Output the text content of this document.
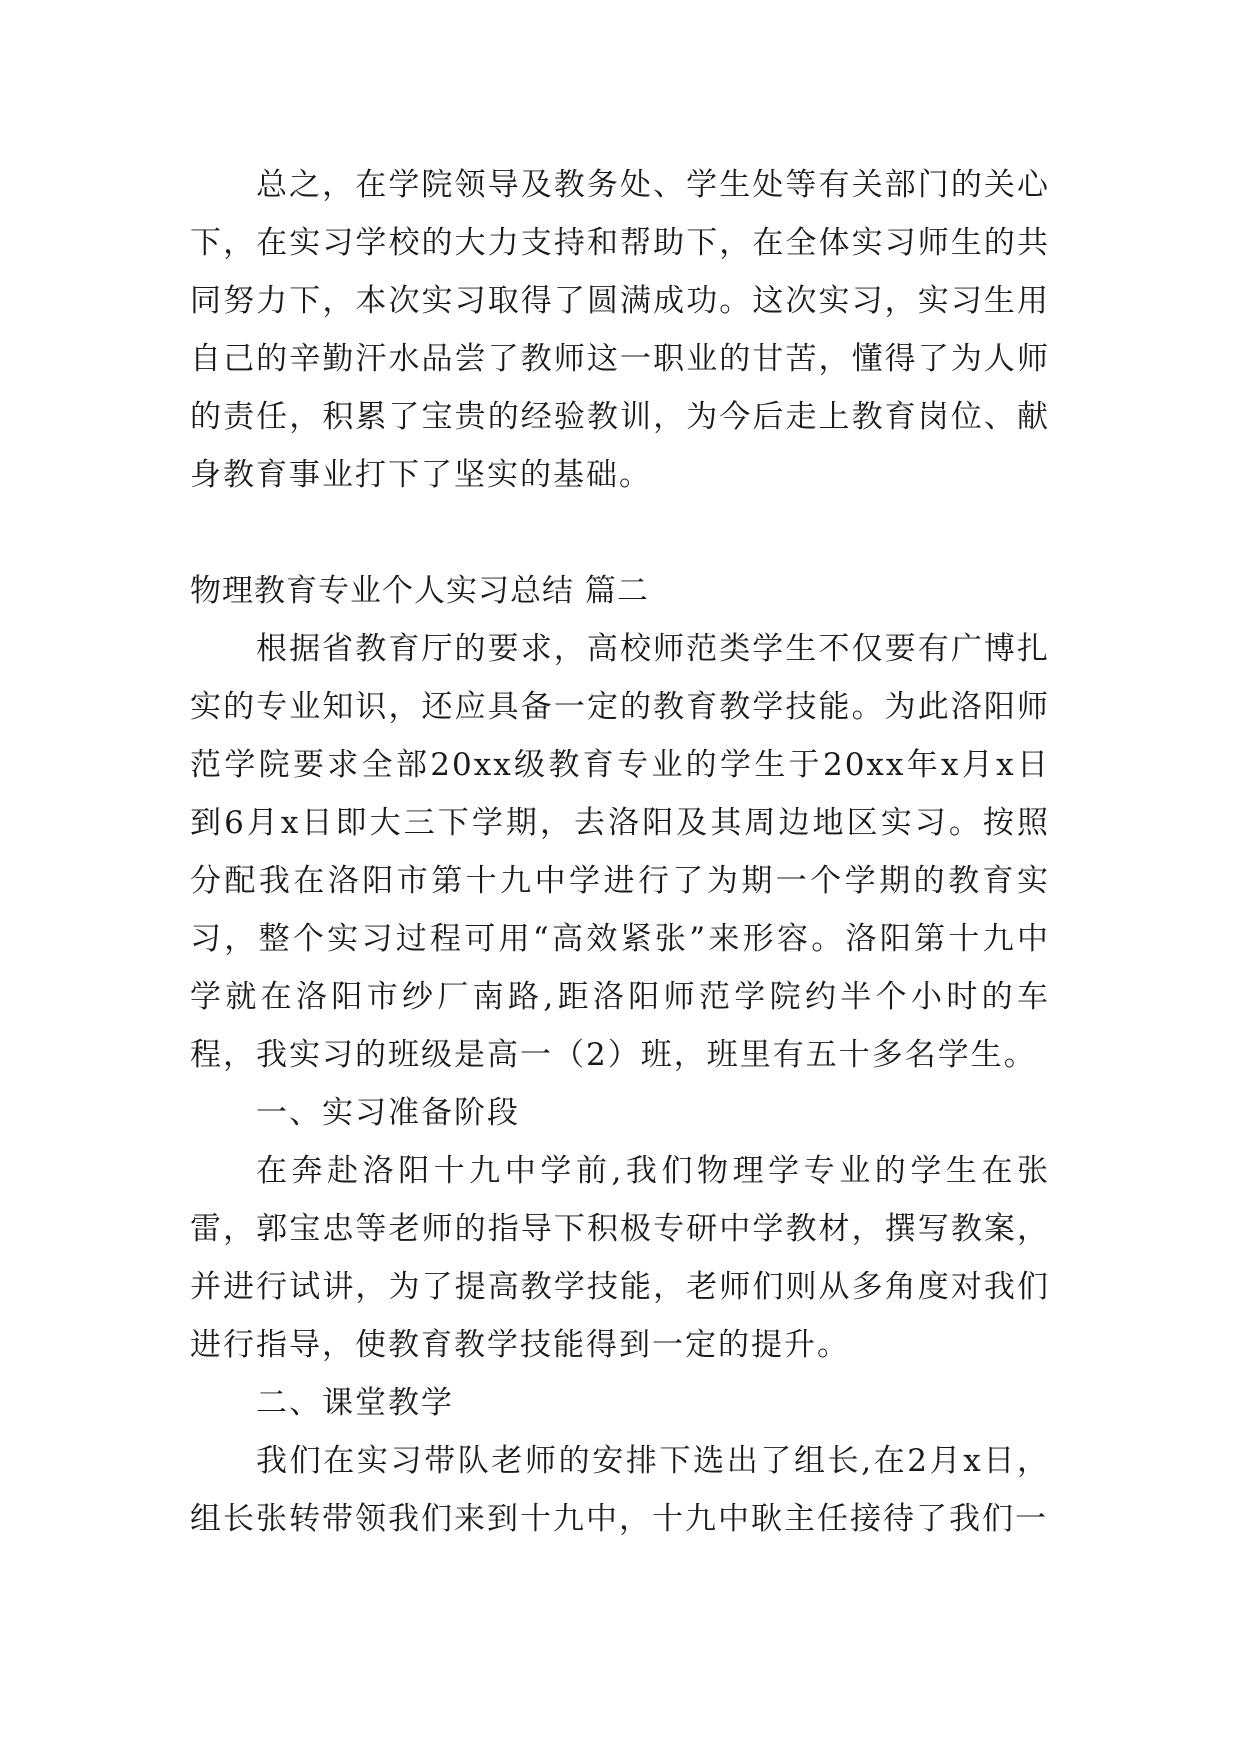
总之，在学院领导及教务处、学生处等有关部门的关心下，在实习学校的大力支持和帮助下，在全体实习师生的共同努力下，本次实习取得了圆满成功。这次实习，实习生用自己的辛勤汗水品尝了教师这一职业的甘苦，懂得了为人师的责任，积累了宝贵的经验教训，为今后走上教育岗位、献身教育事业打下了坚实的基础。

物理教育专业个人实习总结 篇二

根据省教育厅的要求，高校师范类学生不仅要有广博扎实的专业知识，还应具备一定的教育教学技能。为此洛阳师范学院要求全部20xx级教育专业的学生于20xx年x月x日到6月x日即大三下学期，去洛阳及其周边地区实习。按照分配我在洛阳市第十九中学进行了为期一个学期的教育实习，整个实习过程可用“高效紧张”来形容。洛阳第十九中学就在洛阳市纱厂南路,距洛阳师范学院约半个小时的车程，我实习的班级是高一（2）班，班里有五十多名学生。

一、实习准备阶段

在奔赴洛阳十九中学前,我们物理学专业的学生在张雷，郭宝忠等老师的指导下积极专研中学教材，撰写教案，并进行试讲，为了提高教学技能，老师们则从多角度对我们进行指导，使教育教学技能得到一定的提升。

二、课堂教学

我们在实习带队老师的安排下选出了组长,在2月x日，组长张转带领我们来到十九中，十九中耿主任接待了我们一
